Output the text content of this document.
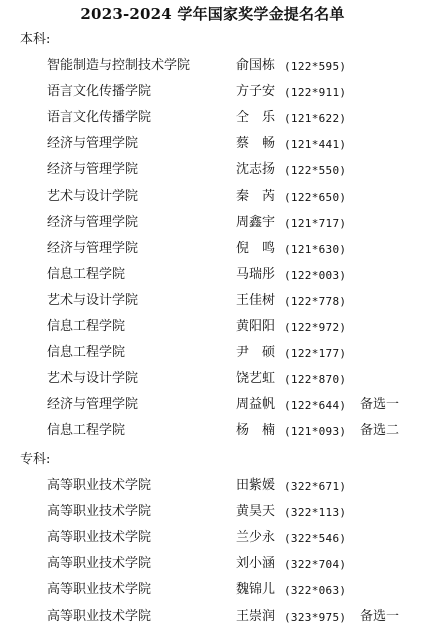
2023-2024 学年国家奖学金提名名单
本科:
智能制造与控制技术学院	俞国栋 (122*595)
语言文化传播学院	方子安 (122*911)
语言文化传播学院	仝　乐 (121*622)
经济与管理学院	蔡　畅 (121*441)
经济与管理学院	沈志扬 (122*550)
艺术与设计学院	秦　芮 (122*650)
经济与管理学院	周鑫宇 (121*717)
经济与管理学院	倪　鸣 (121*630)
信息工程学院	马瑞彤 (122*003)
艺术与设计学院	王佳树 (122*778)
信息工程学院	黄阳阳 (122*972)
信息工程学院	尹　硕 (122*177)
艺术与设计学院	饶艺虹 (122*870)
经济与管理学院	周益帆 (122*644) 备选一
信息工程学院	杨　楠 (121*093) 备选二
专科:
高等职业技术学院	田紫媛 (322*671)
高等职业技术学院	黄昊天 (322*113)
高等职业技术学院	兰少永 (322*546)
高等职业技术学院	刘小涵 (322*704)
高等职业技术学院	魏锦儿 (322*063)
高等职业技术学院	王崇润 (323*975) 备选一
